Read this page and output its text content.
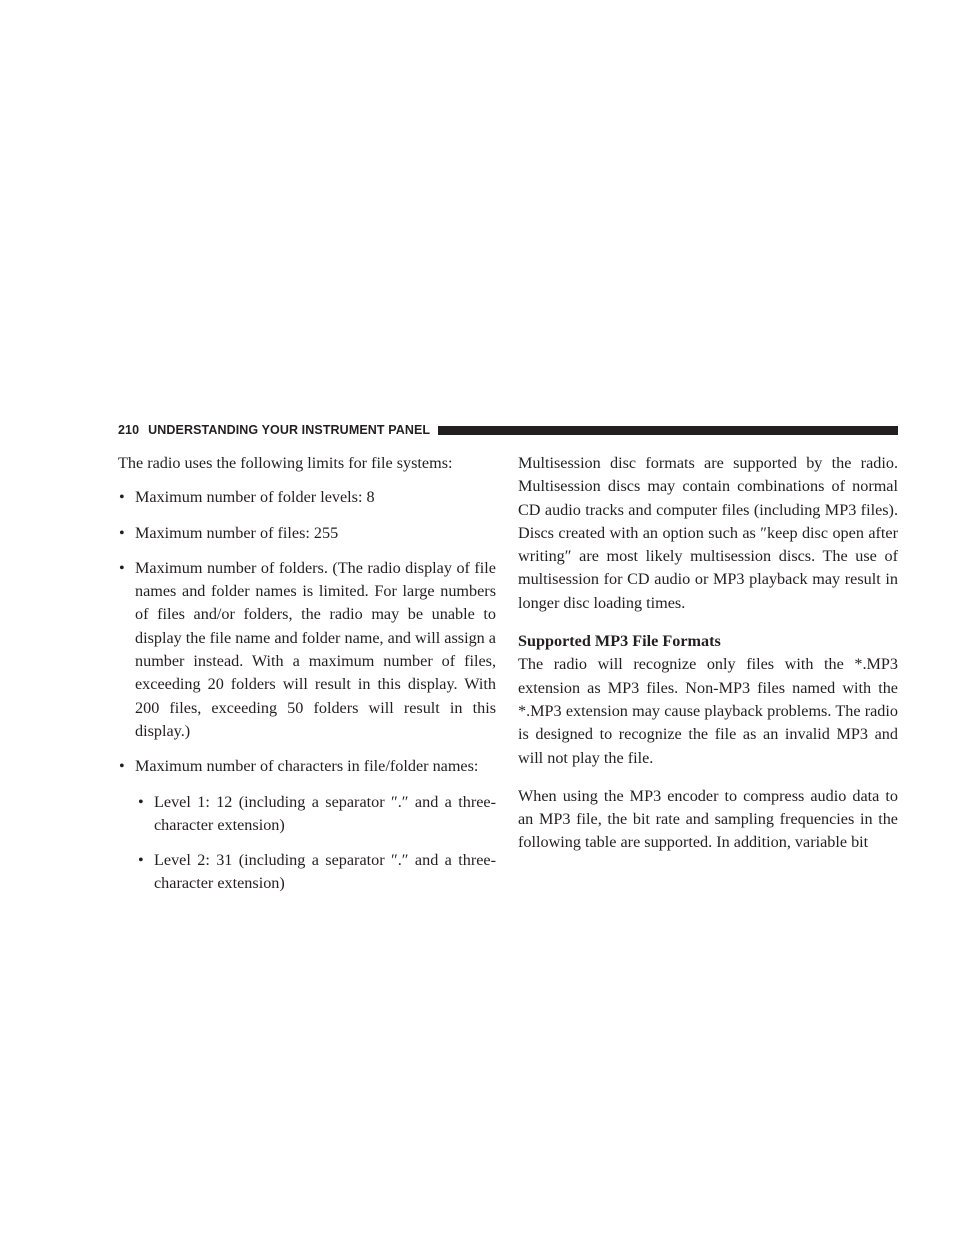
210 UNDERSTANDING YOUR INSTRUMENT PANEL

The radio uses the following limits for file systems:

• Maximum number of folder levels: 8
• Maximum number of files: 255
• Maximum number of folders. (The radio display of file names and folder names is limited. For large numbers of files and/or folders, the radio may be unable to display the file name and folder name, and will assign a number instead. With a maximum number of files, exceeding 20 folders will result in this display. With 200 files, exceeding 50 folders will result in this display.)
• Maximum number of characters in file/folder names:
• Level 1: 12 (including a separator ″.″ and a three-character extension)
• Level 2: 31 (including a separator ″.″ and a three-character extension)

Multisession disc formats are supported by the radio. Multisession discs may contain combinations of normal CD audio tracks and computer files (including MP3 files). Discs created with an option such as ″keep disc open after writing″ are most likely multisession discs. The use of multisession for CD audio or MP3 playback may result in longer disc loading times.

Supported MP3 File Formats

The radio will recognize only files with the *.MP3 extension as MP3 files. Non-MP3 files named with the *.MP3 extension may cause playback problems. The radio is designed to recognize the file as an invalid MP3 and will not play the file.

When using the MP3 encoder to compress audio data to an MP3 file, the bit rate and sampling frequencies in the following table are supported. In addition, variable bit
